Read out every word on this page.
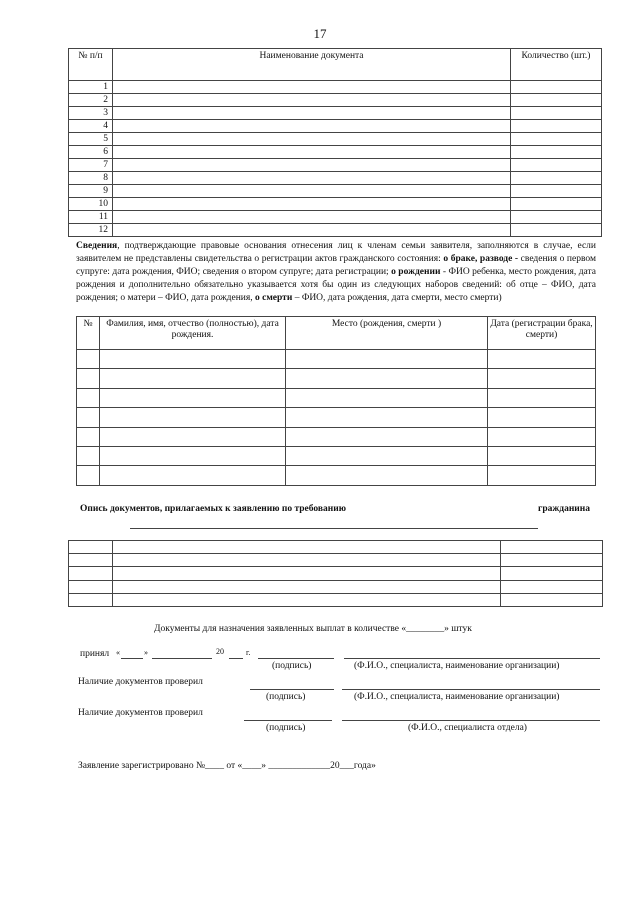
17
№ п/п	Наименование документа	Количество (шт.)
1		
2		
3		
4		
5		
6		
7		
8		
9		
10		
11		
12		
Сведения, подтверждающие правовые основания отнесения лиц к членам семьи заявителя, заполняются в случае, если заявителем не представлены свидетельства о регистрации актов гражданского состояния: о браке, разводе - сведения о первом супруге: дата рождения, ФИО; сведения о втором супруге; дата регистрации; о рождении - ФИО ребенка, место рождения, дата рождения и дополнительно обязательно указывается хотя бы один из следующих наборов сведений: об отце – ФИО, дата рождения; о матери – ФИО, дата рождения, о смерти – ФИО, дата рождения, дата смерти, место смерти)
№	Фамилия, имя, отчество (полностью), дата рождения.	Место (рождения, смерти )	Дата (регистрации брака, смерти)

Опись документов, прилагаемых к заявлению по требованию	гражданина

Документы для назначения заявленных выплат в количестве «________» штук
принял «	»	20	г.
(подпись)	(Ф.И.О., специалиста, наименование организации)
Наличие документов проверил
(подпись)	(Ф.И.О., специалиста, наименование организации)
Наличие документов проверил
(подпись)	(Ф.И.О., специалиста отдела)
Заявление зарегистрировано №____ от «____» _____________20___года»
